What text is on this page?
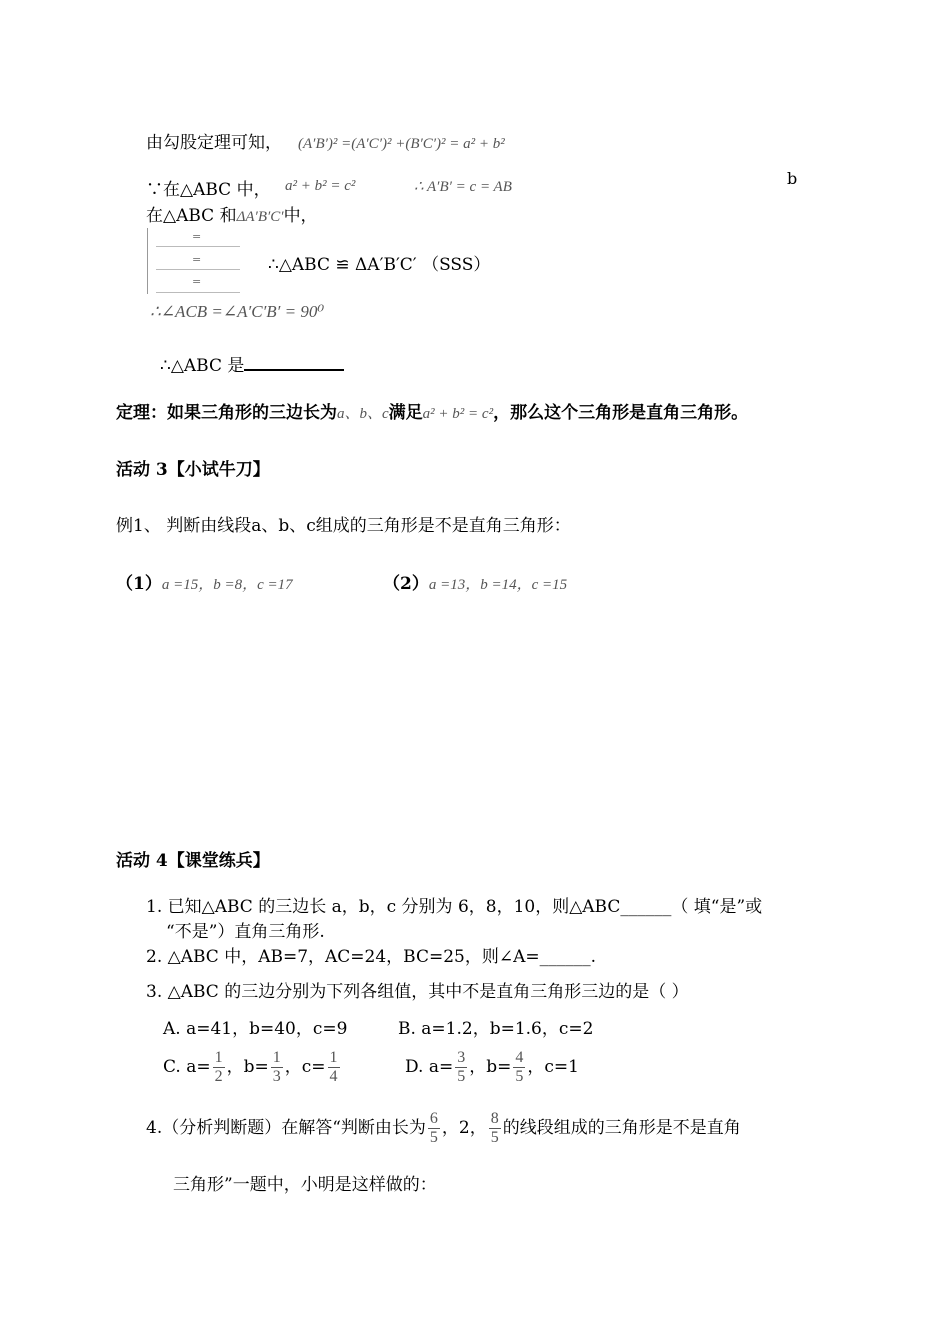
由勾股定理可知， (A′B′)² =(A′C′)² +(B′C′)² = a² + b²
∵在△ABC 中， a² + b² = c²	∴ A′B′ = c = AB	b
在△ABC 和ΔA′B′C′中，
=
=
=
∴△ABC ≌ ΔA′B′C′ （SSS）
∴∠ACB =∠A′C′B′ = 90⁰
∴△ABC 是
定理：如果三角形的三边长为a、b、c满足a² + b² = c²，那么这个三角形是直角三角形。
活动 3【小试牛刀】
例1、 判断由线段a、b、c组成的三角形是不是直角三角形：
（1）a =15，b =8，c =17	（2）a =13，b =14，c =15
活动 4【课堂练兵】
1. 已知△ABC 的三边长 a，b，c 分别为 6，8，10，则△ABC______（ 填“是”或
“不是”）直角三角形.
2. △ABC 中，AB=7，AC=24，BC=25，则∠A=______.
3. △ABC 的三边分别为下列各组值，其中不是直角三角形三边的是（ ）
A. a=41，b=40，c=9	B. a=1.2，b=1.6，c=2
C. $a= \frac{1}{2}$ ，$b= \frac{1}{3}$ ，$c= \frac{1}{4}$	D. $a= \frac{3}{5}$ ，$b= \frac{4}{5}$ ，c=1
4.（分析判断题）在解答“判断由长为 $\frac{6}{5}$ ，2， $\frac{8}{5}$ 的线段组成的三角形是不是直角
三角形”一题中，小明是这样做的：
